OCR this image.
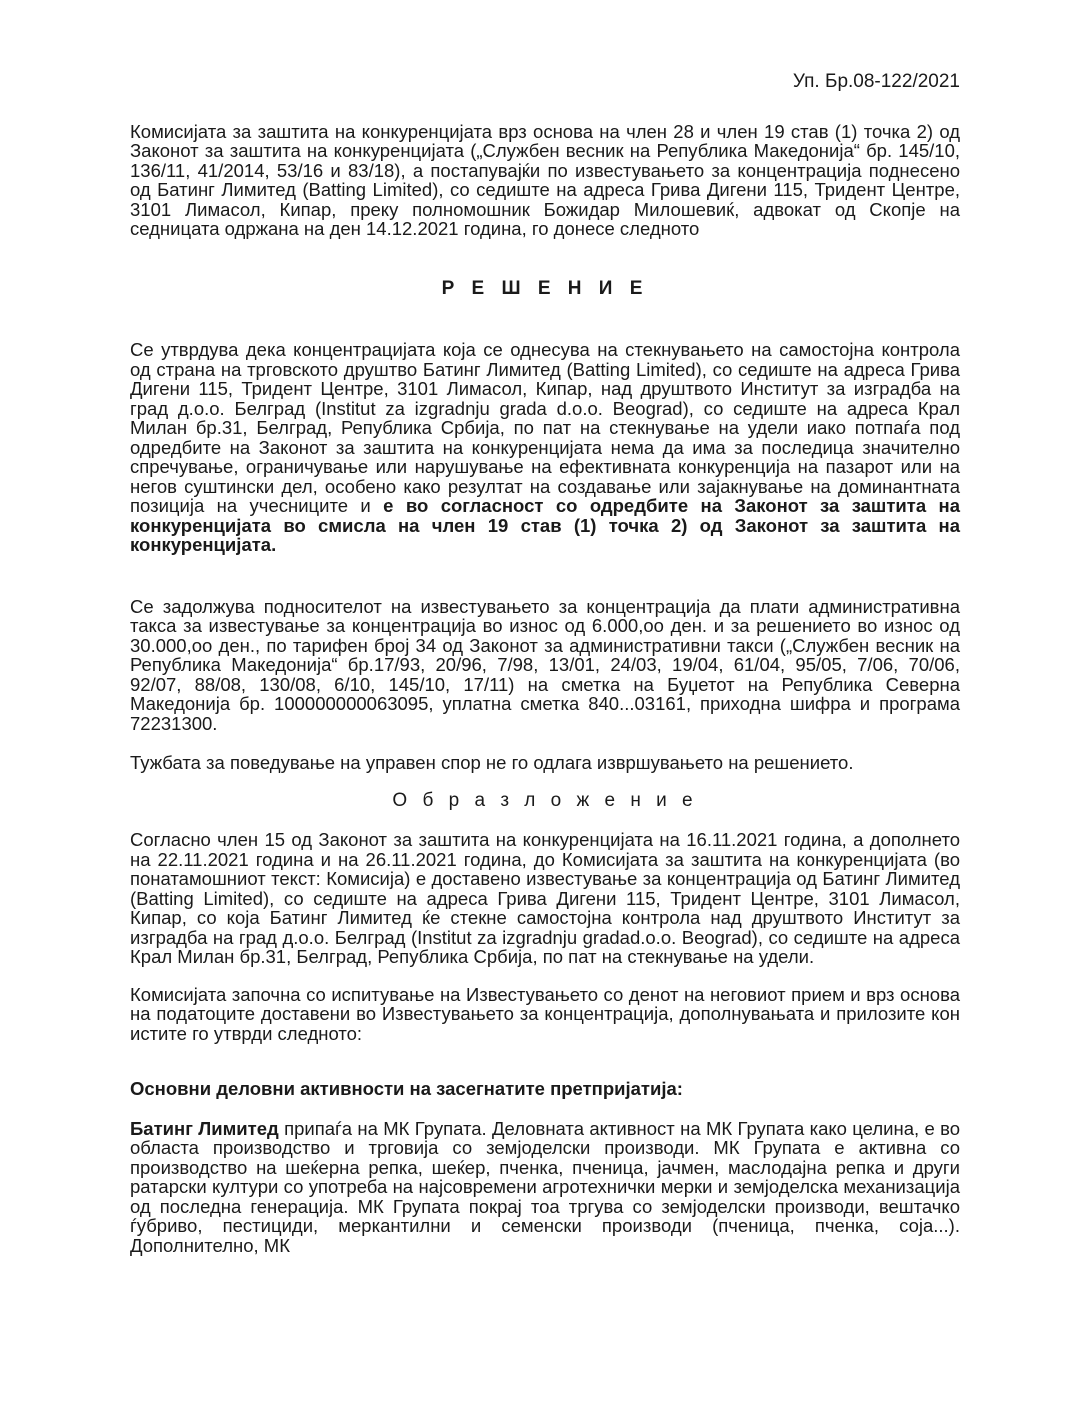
Уп. Бр.08-122/2021

Комисијата за заштита на конкуренцијата врз основа на член 28 и член 19 став (1) точка 2) од Законот за заштита на конкуренцијата („Службен весник на Република Македонија“ бр. 145/10, 136/11, 41/2014, 53/16 и 83/18), а постапувајќи по известувањето за концентрација поднесено од Батинг Лимитед (Batting Limited), со седиште на адреса Грива Дигени 115, Тридент Центре, 3101 Лимасол, Кипар, преку полномошник Божидар Милошевиќ, адвокат од Скопје на седницата одржана на ден 14.12.2021 година, го донесе следното

Р Е Ш Е Н И Е

Се утврдува дека концентрацијата која се однесува на стекнувањето на самостојна контрола од страна на трговското друштво Батинг Лимитед (Batting Limited), со седиште на адреса Грива Дигени 115, Тридент Центре, 3101 Лимасол, Кипар, над друштвото Институт за изградба на град д.о.о. Белград (Institut za izgradnju grada d.o.o. Beograd), со седиште на адреса Крал Милан бр.31, Белград, Република Србија, по пат на стекнување на удели иако потпаѓа под одредбите на Законот за заштита на конкуренцијата нема да има за последица значително спречување, ограничување или нарушување на ефективната конкуренција на пазарот или на негов суштински дел, особено како резултат на создавање или зајакнување на доминантната позиција на учесниците и е во согласност со одредбите на Законот за заштита на конкуренцијата во смисла на член 19 став (1) точка 2) од Законот за заштита на конкуренцијата.

Се задолжува подносителот на известувањето за концентрација да плати административна такса за известување за концентрација во износ од 6.000,оо ден. и за решението во износ од 30.000,оо ден., по тарифен број 34 од Законот за административни такси („Службен весник на Република Македонија“ бр.17/93, 20/96, 7/98, 13/01, 24/03, 19/04, 61/04, 95/05, 7/06, 70/06, 92/07, 88/08, 130/08, 6/10, 145/10, 17/11) на сметка на Буџетот на Република Северна Македонија бр. 100000000063095, уплатна сметка 840...03161, приходна шифра и програма 72231300.

Тужбата за поведување на управен спор не го одлага извршувањето на решението.

О б р а з л о ж е н и е

Согласно член 15 од Законот за заштита на конкуренцијата на 16.11.2021 година, а дополнето на 22.11.2021 година и на 26.11.2021 година, до Комисијата за заштита на конкуренцијата (во понатамошниот текст: Комисија) е доставено известување за концентрација од Батинг Лимитед (Batting Limited), со седиште на адреса Грива Дигени 115, Тридент Центре, 3101 Лимасол, Кипар, со која Батинг Лимитед ќе стекне самостојна контрола над друштвото Институт за изградба на град д.о.о. Белград (Institut za izgradnju gradad.o.o. Beograd), со седиште на адреса Крал Милан бр.31, Белград, Република Србија, по пат на стекнување на удели.

Комисијата започна со испитување на Известувањето со денот на неговиот прием и врз основа на податоците доставени во Известувањето за концентрација, дополнувањата и прилозите кон истите го утврди следното:

Основни деловни активности на засегнатите претпријатија:

Батинг Лимитед припаѓа на МК Групата. Деловната активност на МК Групата како целина, е во областа производство и трговија со земјоделски производи. МК Групата е активна со производство на шеќерна репка, шеќер, пченка, пченица, јачмен, маслодајна репка и други ратарски култури со употреба на најсовремени агротехнички мерки и земјоделска механизација од последна генерација. МК Групата покрај тоа тргува со земјоделски производи, вештачко ѓубриво, пестициди, меркантилни и семенски производи (пченица, пченка, соја...). Дополнително, МК
